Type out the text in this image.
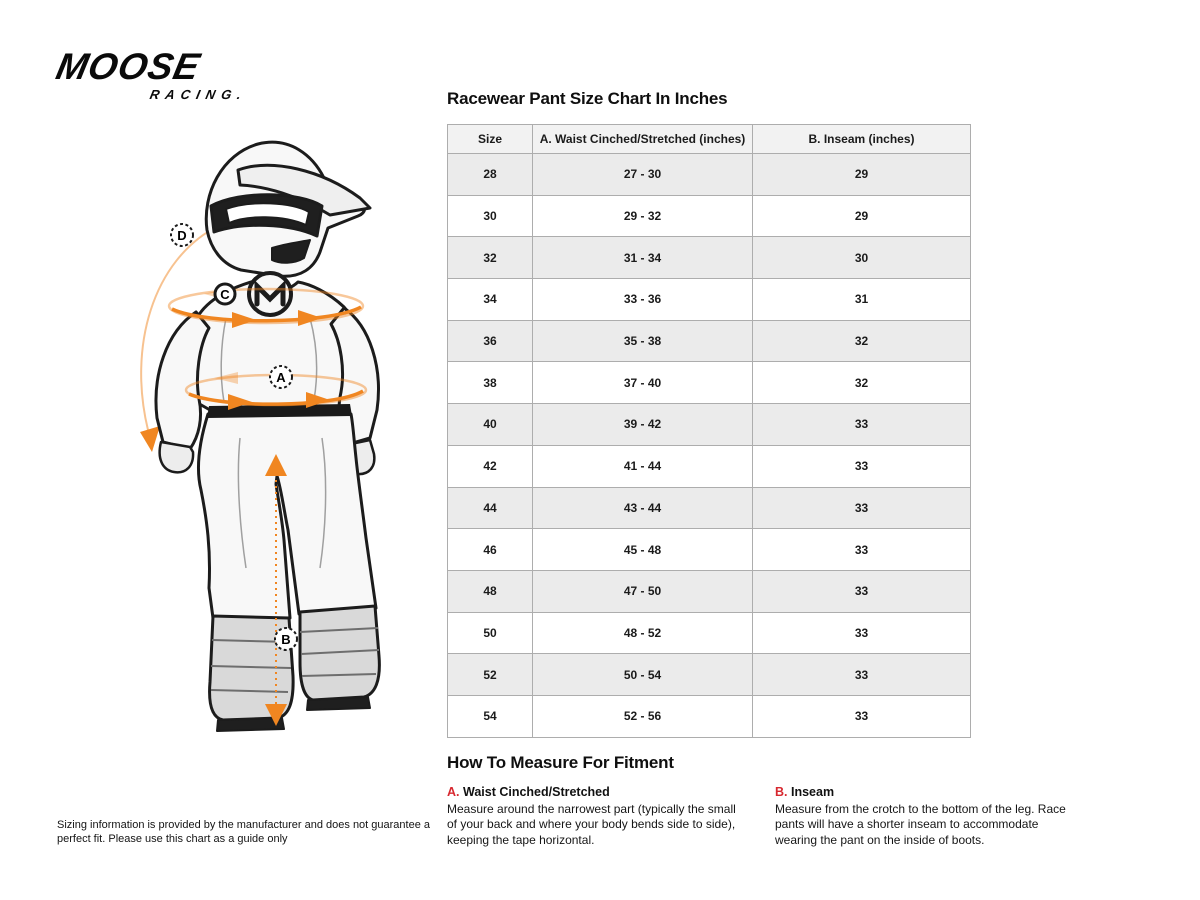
MOOSE
RACING.
D
C
A
B
Racewear Pant Size Chart In Inches
Size	A. Waist Cinched/Stretched (inches)	B. Inseam (inches)
28	27 - 30	29
30	29 - 32	29
32	31 - 34	30
34	33 - 36	31
36	35 - 38	32
38	37 - 40	32
40	39 - 42	33
42	41 - 44	33
44	43 - 44	33
46	45 - 48	33
48	47 - 50	33
50	48 - 52	33
52	50 - 54	33
54	52 - 56	33
How To Measure For Fitment
A. Waist Cinched/Stretched

Measure around the narrowest part (typically the small of your back and where your body bends side to side), keeping the tape horizontal.

B. Inseam

Measure from the crotch to the bottom of the leg. Race pants will have a shorter inseam to accommodate wearing the pant on the inside of boots.

Sizing information is provided by the manufacturer and does not guarantee a perfect fit. Please use this chart as a guide only
